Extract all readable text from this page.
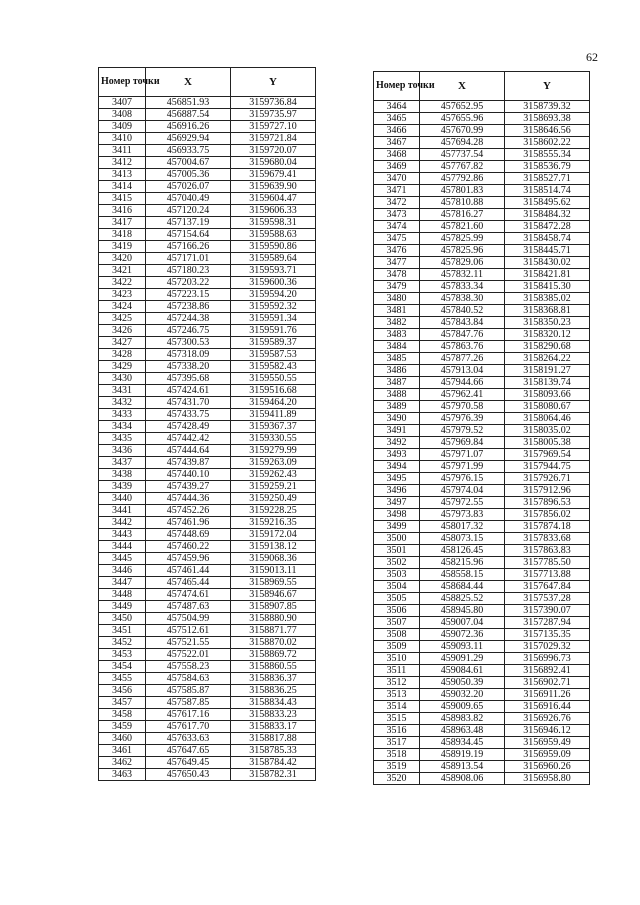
62
Номер точки	X	Y
3407	456851.93	3159736.84
3408	456887.54	3159735.97
3409	456916.26	3159727.10
3410	456929.94	3159721.84
3411	456933.75	3159720.07
3412	457004.67	3159680.04
3413	457005.36	3159679.41
3414	457026.07	3159639.90
3415	457040.49	3159604.47
3416	457120.24	3159606.33
3417	457137.19	3159598.31
3418	457154.64	3159588.63
3419	457166.26	3159590.86
3420	457171.01	3159589.64
3421	457180.23	3159593.71
3422	457203.22	3159600.36
3423	457223.15	3159594.20
3424	457238.86	3159592.32
3425	457244.38	3159591.34
3426	457246.75	3159591.76
3427	457300.53	3159589.37
3428	457318.09	3159587.53
3429	457338.20	3159582.43
3430	457395.68	3159550.55
3431	457424.61	3159516.68
3432	457431.70	3159464.20
3433	457433.75	3159411.89
3434	457428.49	3159367.37
3435	457442.42	3159330.55
3436	457444.64	3159279.99
3437	457439.87	3159263.09
3438	457440.10	3159262.43
3439	457439.27	3159259.21
3440	457444.36	3159250.49
3441	457452.26	3159228.25
3442	457461.96	3159216.35
3443	457448.69	3159172.04
3444	457460.22	3159138.12
3445	457459.96	3159068.36
3446	457461.44	3159013.11
3447	457465.44	3158969.55
3448	457474.61	3158946.67
3449	457487.63	3158907.85
3450	457504.99	3158880.90
3451	457512.61	3158871.77
3452	457521.55	3158870.02
3453	457522.01	3158869.72
3454	457558.23	3158860.55
3455	457584.63	3158836.37
3456	457585.87	3158836.25
3457	457587.85	3158834.43
3458	457617.16	3158833.23
3459	457617.70	3158833.17
3460	457633.63	3158817.88
3461	457647.65	3158785.33
3462	457649.45	3158784.42
3463	457650.43	3158782.31
Номер точки	X	Y
3464	457652.95	3158739.32
3465	457655.96	3158693.38
3466	457670.99	3158646.56
3467	457694.28	3158602.22
3468	457737.54	3158555.34
3469	457767.82	3158536.79
3470	457792.86	3158527.71
3471	457801.83	3158514.74
3472	457810.88	3158495.62
3473	457816.27	3158484.32
3474	457821.60	3158472.28
3475	457825.99	3158458.74
3476	457825.96	3158445.71
3477	457829.06	3158430.02
3478	457832.11	3158421.81
3479	457833.34	3158415.30
3480	457838.30	3158385.02
3481	457840.52	3158368.81
3482	457843.84	3158350.23
3483	457847.76	3158320.12
3484	457863.76	3158290.68
3485	457877.26	3158264.22
3486	457913.04	3158191.27
3487	457944.66	3158139.74
3488	457962.41	3158093.66
3489	457970.58	3158080.67
3490	457976.39	3158064.46
3491	457979.52	3158035.02
3492	457969.84	3158005.38
3493	457971.07	3157969.54
3494	457971.99	3157944.75
3495	457976.15	3157926.71
3496	457974.04	3157912.96
3497	457972.55	3157896.53
3498	457973.83	3157856.02
3499	458017.32	3157874.18
3500	458073.15	3157833.68
3501	458126.45	3157863.83
3502	458215.96	3157785.50
3503	458558.15	3157713.88
3504	458684.44	3157647.84
3505	458825.52	3157537.28
3506	458945.80	3157390.07
3507	459007.04	3157287.94
3508	459072.36	3157135.35
3509	459093.11	3157029.32
3510	459091.29	3156996.73
3511	459084.61	3156892.41
3512	459050.39	3156902.71
3513	459032.20	3156911.26
3514	459009.65	3156916.44
3515	458983.82	3156926.76
3516	458963.48	3156946.12
3517	458934.45	3156959.49
3518	458919.19	3156959.09
3519	458913.54	3156960.26
3520	458908.06	3156958.80
